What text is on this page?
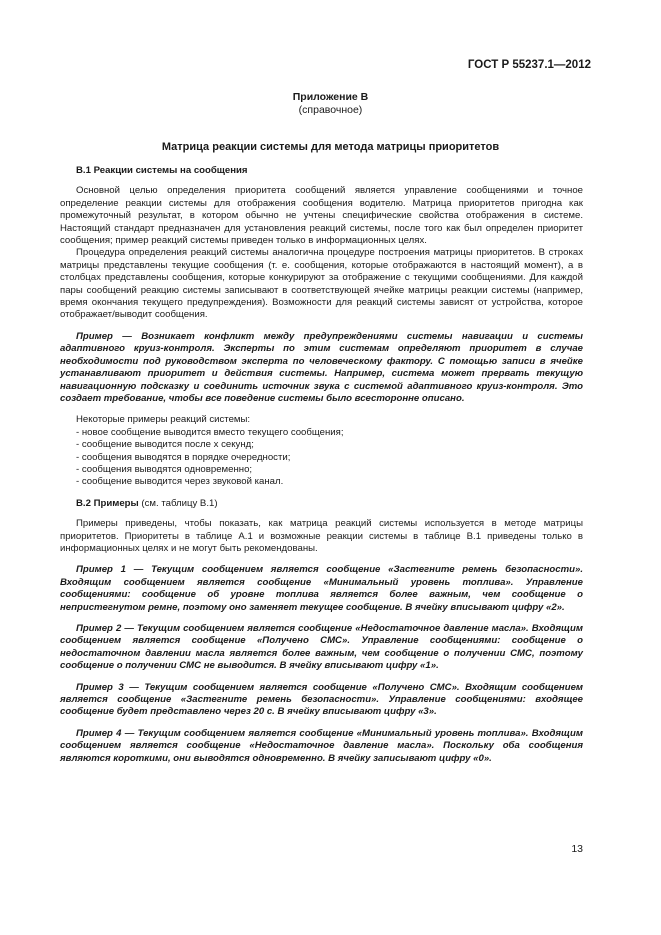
ГОСТ Р 55237.1—2012
Приложение В
(справочное)
Матрица реакции системы для метода матрицы приоритетов

В.1 Реакции системы на сообщения

Основной целью определения приоритета сообщений является управление сообщениями и точное определение реакции системы для отображения сообщения водителю. Матрица приоритетов пригодна как промежуточный результат, в котором обычно не учтены специфические свойства отображения в системе. Настоящий стандарт предназначен для установления реакций системы, после того как был определен приоритет сообщения; пример реакций системы приведен только в информационных целях.

Процедура определения реакций системы аналогична процедуре построения матрицы приоритетов. В строках матрицы представлены текущие сообщения (т. е. сообщения, которые отображаются в настоящий момент), а в столбцах представлены сообщения, которые конкурируют за отображение с текущими сообщениями. Для каждой пары сообщений реакцию системы записывают в соответствующей ячейке матрицы реакции системы (например, время окончания текущего предупреждения). Возможности для реакций системы зависят от устройства, которое отображает/выводит сообщения.

Пример — Возникает конфликт между предупреждениями системы навигации и системы адаптивного круиз-контроля. Эксперты по этим системам определяют приоритет в случае необходимости под руководством эксперта по человеческому фактору. С помощью записи в ячейке устанавливают приоритет и действия системы. Например, система может прервать текущую навигационную подсказку и соединить источник звука с системой адаптивного круиз-контроля. Это создает требование, чтобы все поведение системы было всесторонне описано.

Некоторые примеры реакций системы:

- новое сообщение выводится вместо текущего сообщения;
- сообщение выводится после x секунд;
- сообщения выводятся в порядке очередности;
- сообщения выводятся одновременно;
- сообщение выводится через звуковой канал.

В.2 Примеры (см. таблицу В.1)

Примеры приведены, чтобы показать, как матрица реакций системы используется в методе матрицы приоритетов. Приоритеты в таблице А.1 и возможные реакции системы в таблице В.1 приведены только в информационных целях и не могут быть рекомендованы.

Пример 1 — Текущим сообщением является сообщение «Застегните ремень безопасности». Входящим сообщением является сообщение «Минимальный уровень топлива». Управление сообщениями: сообщение об уровне топлива является более важным, чем сообщение о непристегнутом ремне, поэтому оно заменяет текущее сообщение. В ячейку вписывают цифру «2».

Пример 2 — Текущим сообщением является сообщение «Недостаточное давление масла». Входящим сообщением является сообщение «Получено СМС». Управление сообщениями: сообщение о недостаточном давлении масла является более важным, чем сообщение о получении СМС, поэтому сообщение о получении СМС не выводится. В ячейку вписывают цифру «1».

Пример 3 — Текущим сообщением является сообщение «Получено СМС». Входящим сообщением является сообщение «Застегните ремень безопасности». Управление сообщениями: входящее сообщение будет представлено через 20 с. В ячейку вписывают цифру «3».

Пример 4 — Текущим сообщением является сообщение «Минимальный уровень топлива». Входящим сообщением является сообщение «Недостаточное давление масла». Поскольку оба сообщения являются короткими, они выводятся одновременно. В ячейку записывают цифру «0».

13
